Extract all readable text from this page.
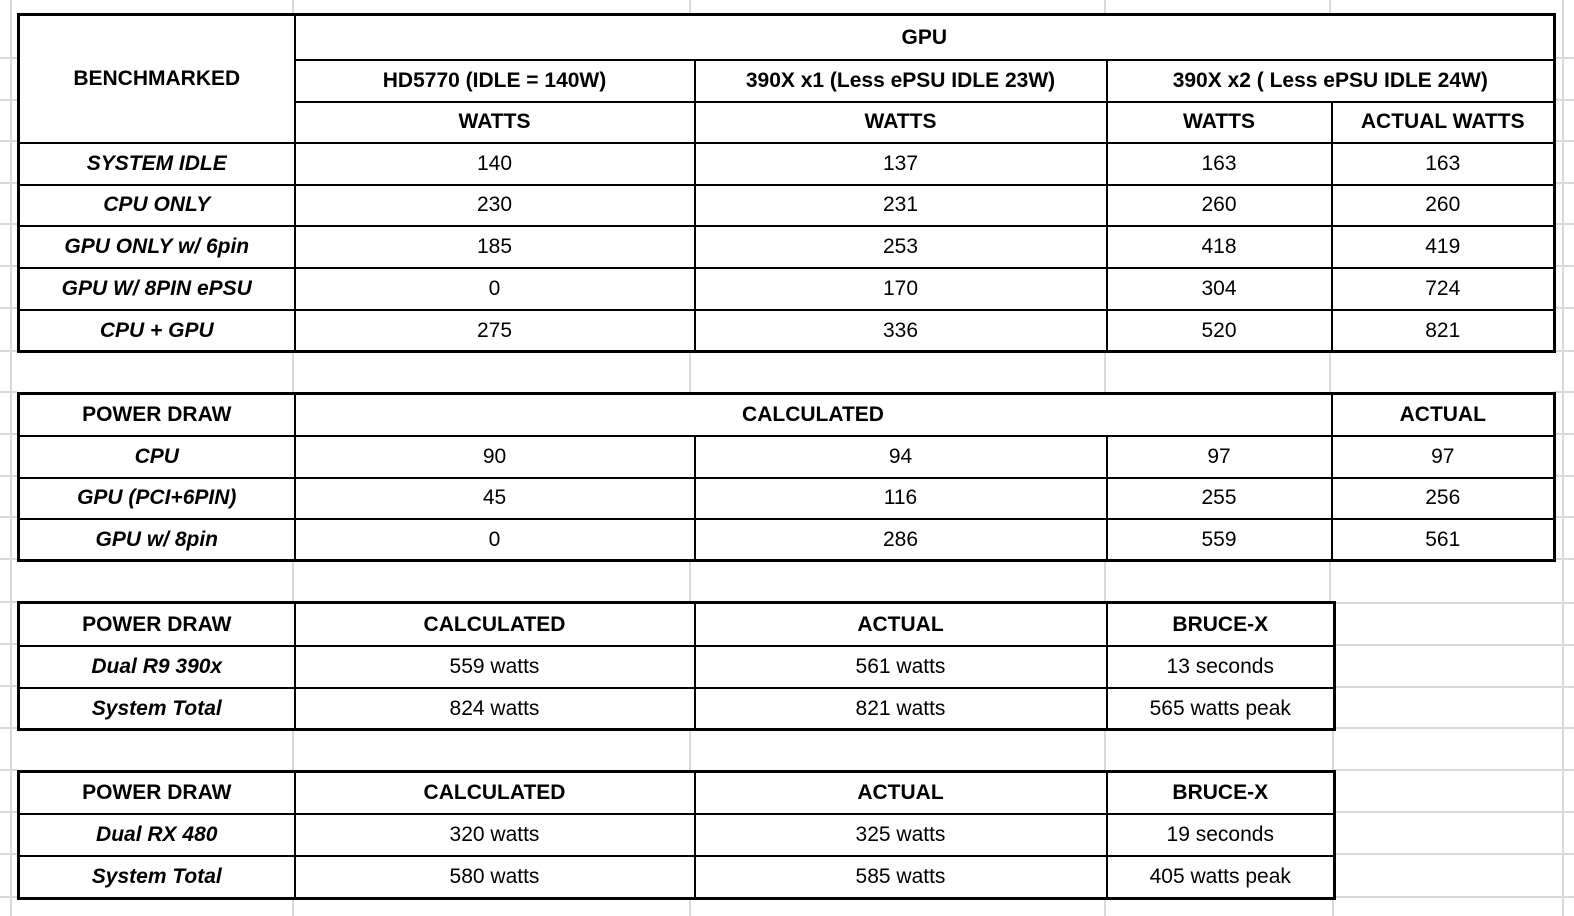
BENCHMARKED	GPU			
	HD5770 (IDLE = 140W)	390X x1 (Less ePSU IDLE 23W)	390X x2 ( Less ePSU IDLE 24W)	
	WATTS	WATTS	WATTS	ACTUAL WATTS
SYSTEM IDLE	140	137	163	163
CPU ONLY	230	231	260	260
GPU ONLY w/ 6pin	185	253	418	419
GPU W/ 8PIN ePSU	0	170	304	724
CPU + GPU	275	336	520	821
POWER DRAW	CALCULATED			ACTUAL
CPU	90	94	97	97
GPU (PCI+6PIN)	45	116	255	256
GPU w/ 8pin	0	286	559	561
POWER DRAW	CALCULATED	ACTUAL	BRUCE-X
Dual R9 390x	559 watts	561 watts	13 seconds
System Total	824 watts	821 watts	565 watts peak
POWER DRAW	CALCULATED	ACTUAL	BRUCE-X
Dual RX 480	320 watts	325 watts	19 seconds
System Total	580 watts	585 watts	405 watts peak
